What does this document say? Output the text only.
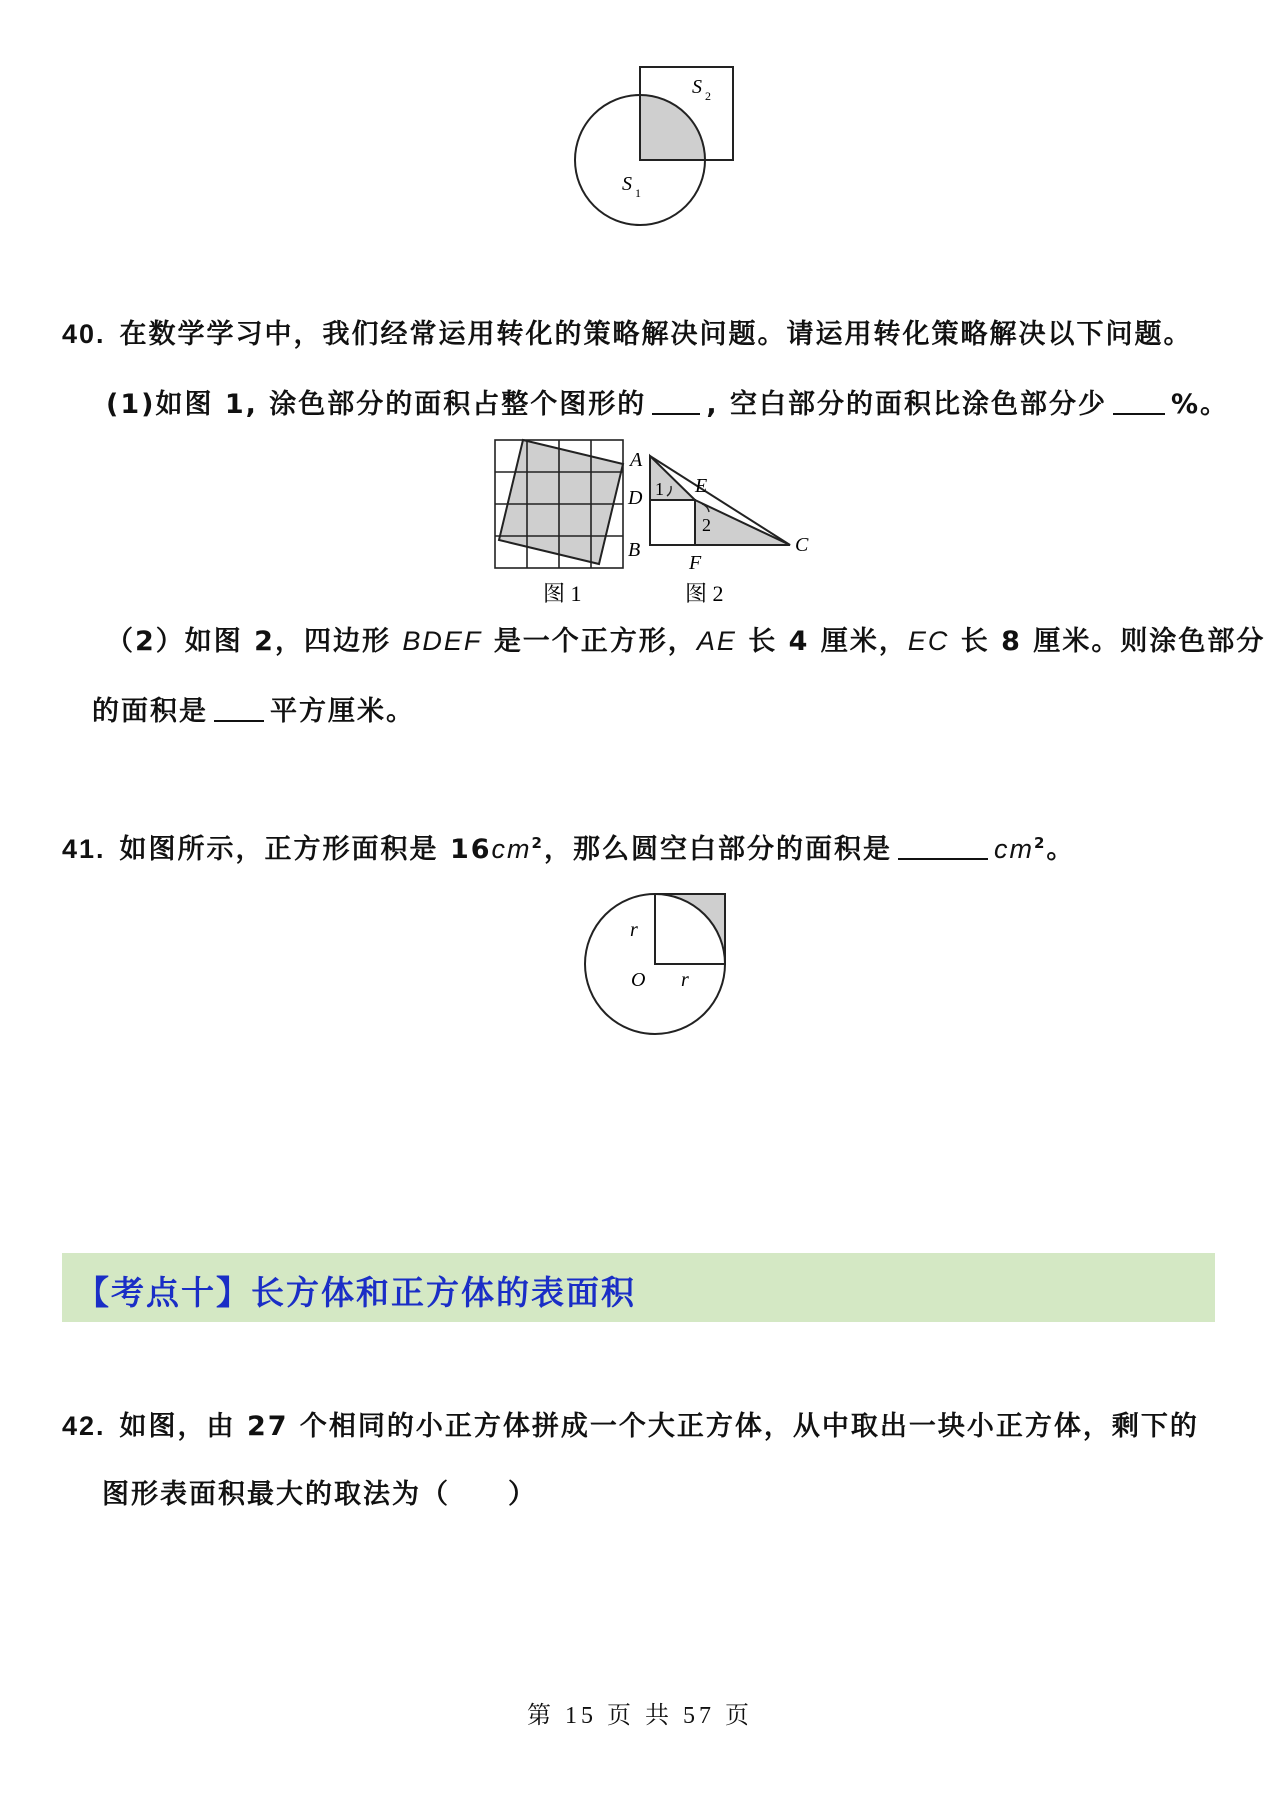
S 2
S 1
40. 在数学学习中，我们经常运用转化的策略解决问题。请运用转化策略解决以下问题。
(1)如图 1, 涂色部分的面积占整个图形的 , 空白部分的面积比涂色部分少 %。
图 1
A
D
B
E
F
C
1
2
图 2
（2）如图 2，四边形 BDEF 是一个正方形，AE 长 4 厘米，EC 长 8 厘米。则涂色部分
的面积是 平方厘米。
41. 如图所示，正方形面积是 $16cm^2$，那么圆空白部分的面积是	$cm^2$。
r
O r
【考点十】长方体和正方体的表面积
42. 如图，由 27 个相同的小正方体拼成一个大正方体，从中取出一块小正方体，剩下的
图形表面积最大的取法为（　　）
第 15 页 共 57 页
